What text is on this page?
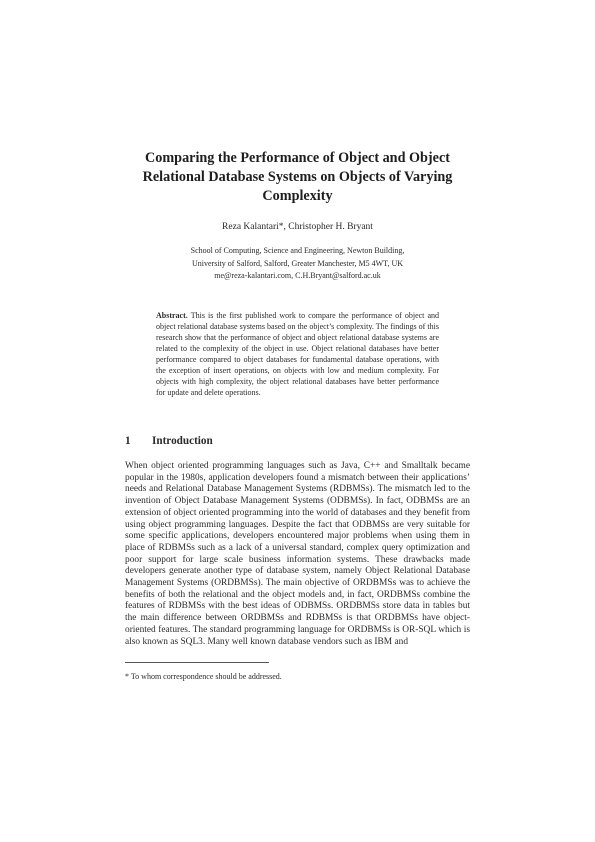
Comparing the Performance of Object and Object Relational Database Systems on Objects of Varying Complexity
Reza Kalantari*, Christopher H. Bryant
School of Computing, Science and Engineering, Newton Building,
University of Salford, Salford, Greater Manchester, M5 4WT, UK
me@reza-kalantari.com, C.H.Bryant@salford.ac.uk
Abstract. This is the first published work to compare the performance of object and object relational database systems based on the object’s complexity. The findings of this research show that the performance of object and object relational database systems are related to the complexity of the object in use. Object relational databases have better performance compared to object databases for fundamental database operations, with the exception of insert operations, on objects with low and medium complexity. For objects with high complexity, the object relational databases have better performance for update and delete operations.
1 Introduction
When object oriented programming languages such as Java, C++ and Smalltalk became popular in the 1980s, application developers found a mismatch between their applications’ needs and Relational Database Management Systems (RDBMSs). The mismatch led to the invention of Object Database Management Systems (ODBMSs). In fact, ODBMSs are an extension of object oriented programming into the world of databases and they benefit from using object programming languages. Despite the fact that ODBMSs are very suitable for some specific applications, developers encountered major problems when using them in place of RDBMSs such as a lack of a universal standard, complex query optimization and poor support for large scale business information systems. These drawbacks made developers generate another type of database system, namely Object Relational Database Management Systems (ORDBMSs). The main objective of ORDBMSs was to achieve the benefits of both the relational and the object models and, in fact, ORDBMSs combine the features of RDBMSs with the best ideas of ODBMSs. ORDBMSs store data in tables but the main difference between ORDBMSs and RDBMSs is that ORDBMSs have object-oriented features. The standard programming language for ORDBMSs is OR-SQL which is also known as SQL3. Many well known database vendors such as IBM and
* To whom correspondence should be addressed.
